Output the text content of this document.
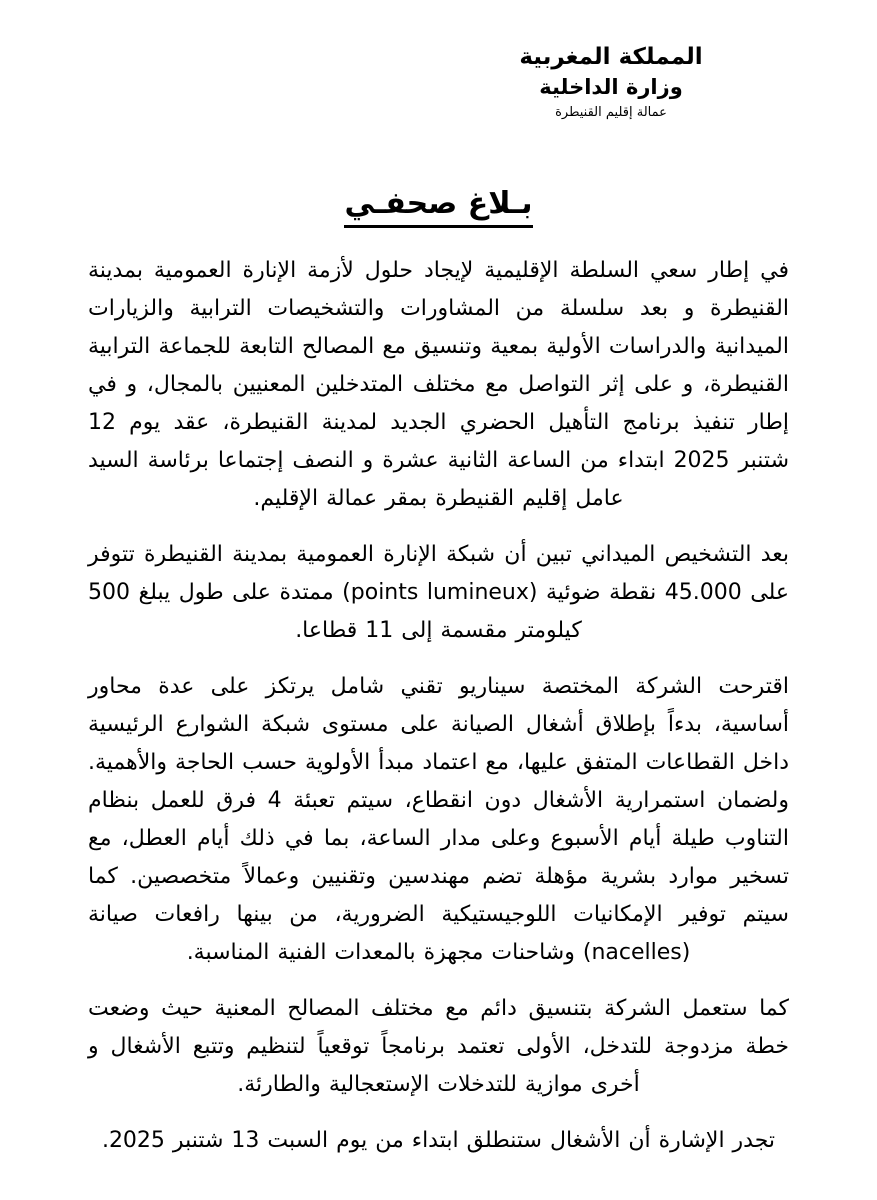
المملكة المغربية
وزارة الداخلية
عمالة إقليم القنيطرة
بـلاغ صحفـي

في إطار سعي السلطة الإقليمية لإيجاد حلول لأزمة الإنارة العمومية بمدينة القنيطرة و بعد سلسلة من المشاورات والتشخيصات الترابية والزيارات الميدانية والدراسات الأولية بمعية وتنسيق مع المصالح التابعة للجماعة الترابية القنيطرة، و على إثر التواصل مع مختلف المتدخلين المعنيين بالمجال، و في إطار تنفيذ برنامج التأهيل الحضري الجديد لمدينة القنيطرة، عقد يوم 12 شتنبر 2025 ابتداء من الساعة الثانية عشرة و النصف إجتماعا برئاسة السيد عامل إقليم القنيطرة بمقر عمالة الإقليم.

بعد التشخيص الميداني تبين أن شبكة الإنارة العمومية بمدينة القنيطرة تتوفر على 45.000 نقطة ضوئية (points lumineux) ممتدة على طول يبلغ 500 كيلومتر مقسمة إلى 11 قطاعا.

اقترحت الشركة المختصة سيناريو تقني شامل يرتكز على عدة محاور أساسية، بدءاً بإطلاق أشغال الصيانة على مستوى شبكة الشوارع الرئيسية داخل القطاعات المتفق عليها، مع اعتماد مبدأ الأولوية حسب الحاجة والأهمية. ولضمان استمرارية الأشغال دون انقطاع، سيتم تعبئة 4 فرق للعمل بنظام التناوب طيلة أيام الأسبوع وعلى مدار الساعة، بما في ذلك أيام العطل، مع تسخير موارد بشرية مؤهلة تضم مهندسين وتقنيين وعمالاً متخصصين. كما سيتم توفير الإمكانيات اللوجيستيكية الضرورية، من بينها رافعات صيانة (nacelles) وشاحنات مجهزة بالمعدات الفنية المناسبة.

كما ستعمل الشركة بتنسيق دائم مع مختلف المصالح المعنية حيث وضعت خطة مزدوجة للتدخل، الأولى تعتمد برنامجاً توقعياً لتنظيم وتتبع الأشغال و أخرى موازية للتدخلات الإستعجالية والطارئة.

تجدر الإشارة أن الأشغال ستنطلق ابتداء من يوم السبت 13 شتنبر 2025.
